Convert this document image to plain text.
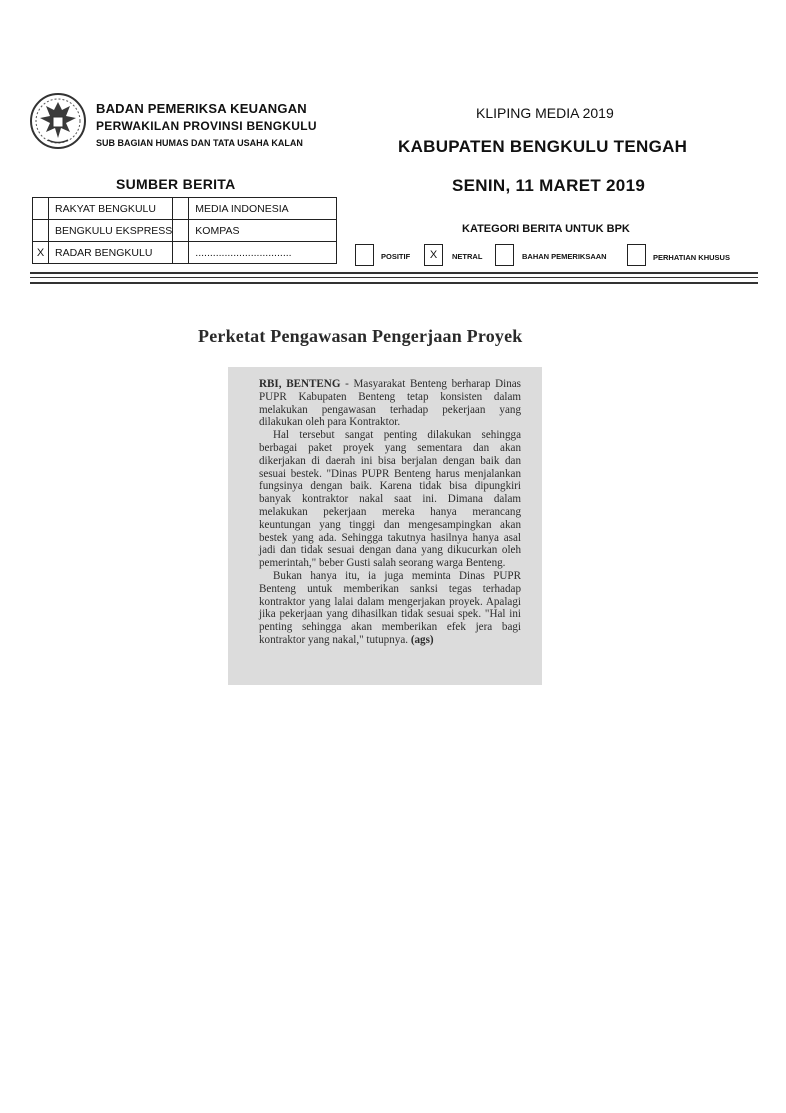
BADAN PEMERIKSA KEUANGAN
PERWAKILAN PROVINSI BENGKULU
SUB BAGIAN HUMAS DAN TATA USAHA KALAN
KLIPING MEDIA 2019
KABUPATEN BENGKULU TENGAH
SENIN, 11 MARET 2019
SUMBER BERITA
	RAKYAT BENGKULU		MEDIA INDONESIA
	BENGKULU EKSPRESS		KOMPAS
X	RADAR BENGKULU		.................................
KATEGORI BERITA UNTUK BPK
POSITIF	X	NETRAL	BAHAN PEMERIKSAAN	PERHATIAN KHUSUS
Perketat Pengawasan Pengerjaan Proyek

RBI, BENTENG - Masyarakat Benteng berharap Dinas PUPR Kabupaten Benteng tetap konsisten dalam melakukan pengawasan terhadap pekerjaan yang dilakukan oleh para Kontraktor.

Hal tersebut sangat penting dilakukan sehingga berbagai paket proyek yang sementara dan akan dikerjakan di daerah ini bisa berjalan dengan baik dan sesuai bestek. "Dinas PUPR Benteng harus menjalankan fungsinya dengan baik. Karena tidak bisa dipungkiri banyak kontraktor nakal saat ini. Dimana dalam melakukan pekerjaan mereka hanya merancang keuntungan yang tinggi dan mengesampingkan akan bestek yang ada. Sehingga takutnya hasilnya hanya asal jadi dan tidak sesuai dengan dana yang dikucurkan oleh pemerintah," beber Gusti salah seorang warga Benteng.

Bukan hanya itu, ia juga meminta Dinas PUPR Benteng untuk memberikan sanksi tegas terhadap kontraktor yang lalai dalam mengerjakan proyek. Apalagi jika pekerjaan yang dihasilkan tidak sesuai spek. "Hal ini penting sehingga akan memberikan efek jera bagi kontraktor yang nakal," tutupnya. (ags)
